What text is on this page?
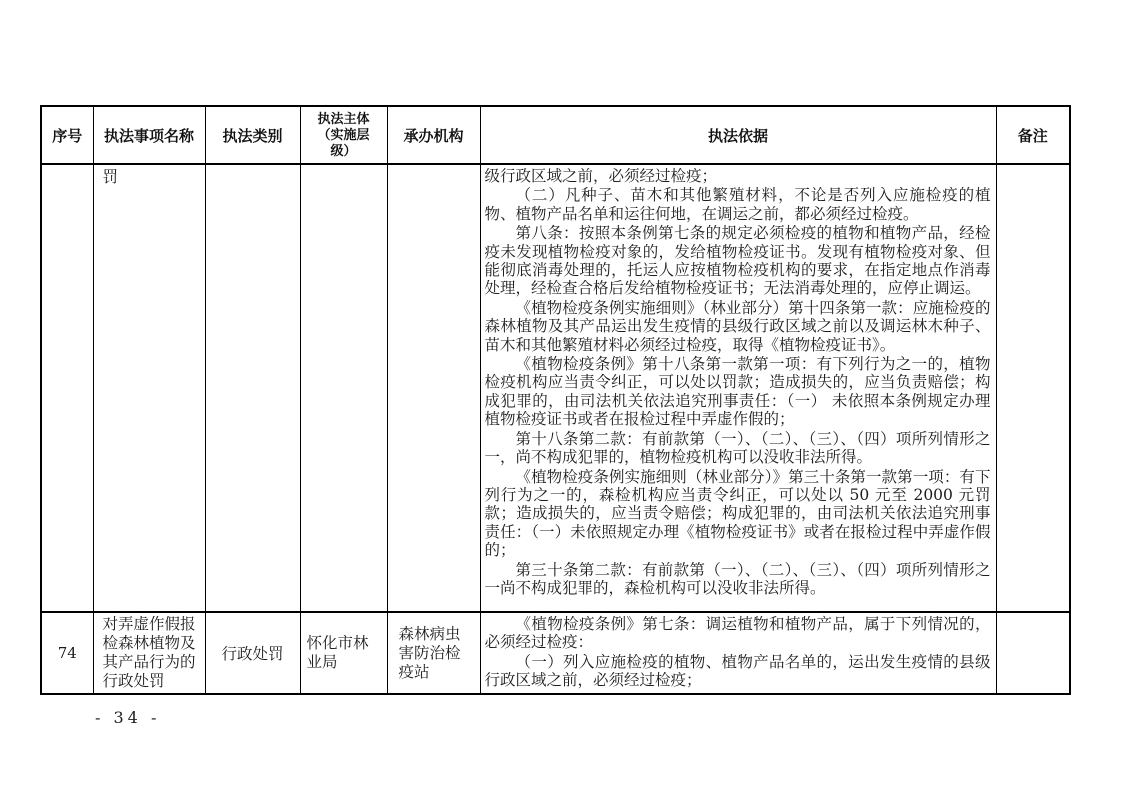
序号	执法事项名称	执法类别	执法主体（实施层级）	承办机构	执法依据	备注
	罚				级行政区域之前，必须经过检疫；

（二）凡种子、苗木和其他繁殖材料，不论是否列入应施检疫的植物、植物产品名单和运往何地，在调运之前，都必须经过检疫。

第八条：按照本条例第七条的规定必须检疫的植物和植物产品，经检疫未发现植物检疫对象的，发给植物检疫证书。发现有植物检疫对象、但能彻底消毒处理的，托运人应按植物检疫机构的要求，在指定地点作消毒处理，经检查合格后发给植物检疫证书；无法消毒处理的，应停止调运。

《植物检疫条例实施细则》（林业部分）第十四条第一款：应施检疫的森林植物及其产品运出发生疫情的县级行政区域之前以及调运林木种子、苗木和其他繁殖材料必须经过检疫，取得《植物检疫证书》。

《植物检疫条例》第十八条第一款第一项：有下列行为之一的，植物检疫机构应当责令纠正，可以处以罚款；造成损失的，应当负责赔偿；构成犯罪的，由司法机关依法追究刑事责任：（一） 未依照本条例规定办理植物检疫证书或者在报检过程中弄虚作假的；

第十八条第二款：有前款第（一）、（二）、（三）、（四）项所列情形之一，尚不构成犯罪的，植物检疫机构可以没收非法所得。

《植物检疫条例实施细则（林业部分）》第三十条第一款第一项：有下列行为之一的，森检机构应当责令纠正，可以处以 50 元至 2000 元罚款；造成损失的，应当责令赔偿；构成犯罪的，由司法机关依法追究刑事责任：（一）未依照规定办理《植物检疫证书》或者在报检过程中弄虚作假的；

第三十条第二款：有前款第（一）、（二）、（三）、（四）项所列情形之一尚不构成犯罪的，森检机构可以没收非法所得。

74	对弄虚作假报检森林植物及其产品行为的行政处罚	行政处罚	怀化市林业局	森林病虫害防治检疫站	《植物检疫条例》第七条：调运植物和植物产品，属于下列情况的，必须经过检疫：

（一）列入应施检疫的植物、植物产品名单的，运出发生疫情的县级行政区域之前，必须经过检疫；	

- 34 -
